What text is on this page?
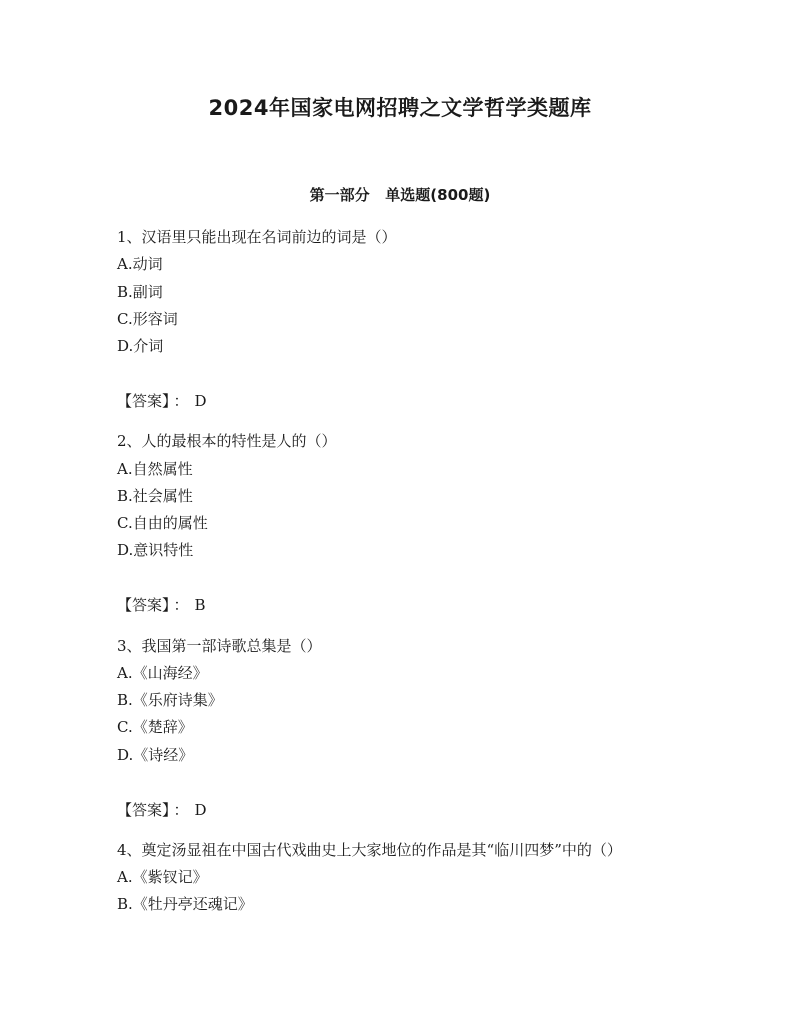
2024年国家电网招聘之文学哲学类题库
第一部分   单选题(800题)
1、汉语里只能出现在名词前边的词是（）
A.动词
B.副词
C.形容词
D.介词
【答案】 ： D
2、人的最根本的特性是人的（）
A.自然属性
B.社会属性
C.自由的属性
D.意识特性
【答案】 ： B
3、我国第一部诗歌总集是（）
A.《山海经》
B.《乐府诗集》
C.《楚辞》
D.《诗经》
【答案】 ： D
4、奠定汤显祖在中国古代戏曲史上大家地位的作品是其“临川四梦”中的（）
A.《紫钗记》
B.《牡丹亭还魂记》
